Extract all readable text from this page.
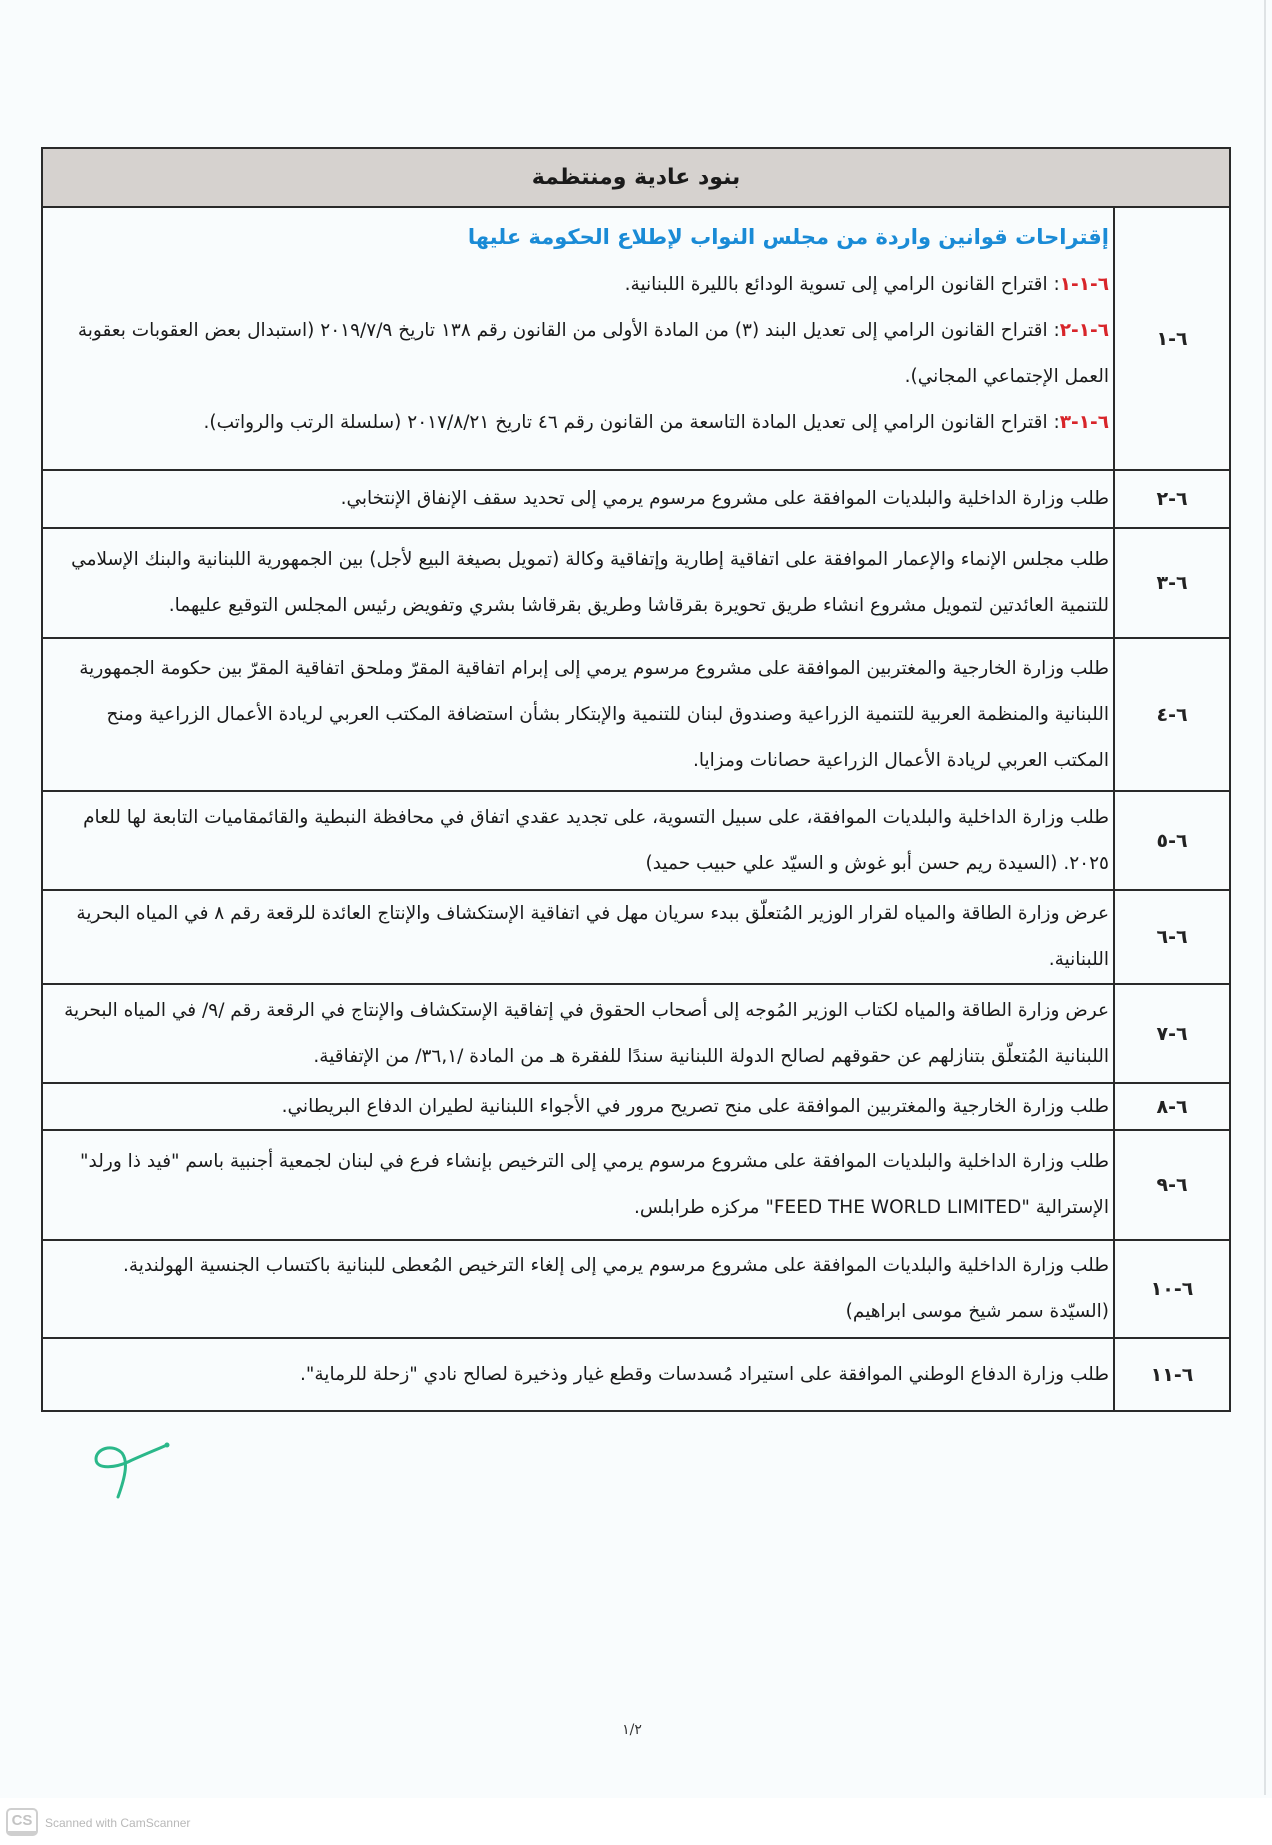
بنود عادية ومنتظمة
٦-١

إقتراحات قوانين واردة من مجلس النواب لإطلاع الحكومة عليها

٦-١-١: اقتراح القانون الرامي إلى تسوية الودائع بالليرة اللبنانية.

٦-١-٢: اقتراح القانون الرامي إلى تعديل البند (٣) من المادة الأولى من القانون رقم ١٣٨ تاريخ ٢٠١٩/٧/٩ (استبدال بعض العقوبات بعقوبة العمل الإجتماعي المجاني).

٦-١-٣: اقتراح القانون الرامي إلى تعديل المادة التاسعة من القانون رقم ٤٦ تاريخ ٢٠١٧/٨/٢١ (سلسلة الرتب والرواتب).

٦-٢
طلب وزارة الداخلية والبلديات الموافقة على مشروع مرسوم يرمي إلى تحديد سقف الإنفاق الإنتخابي.
٦-٣
طلب مجلس الإنماء والإعمار الموافقة على اتفاقية إطارية وإتفاقية وكالة (تمويل بصيغة البيع لأجل) بين الجمهورية اللبنانية والبنك الإسلامي للتنمية العائدتين لتمويل مشروع انشاء طريق تحويرة بقرقاشا وطريق بقرقاشا بشري وتفويض رئيس المجلس التوقيع عليهما.
٦-٤
طلب وزارة الخارجية والمغتربين الموافقة على مشروع مرسوم يرمي إلى إبرام اتفاقية المقرّ وملحق اتفاقية المقرّ بين حكومة الجمهورية اللبنانية والمنظمة العربية للتنمية الزراعية وصندوق لبنان للتنمية والإبتكار بشأن استضافة المكتب العربي لريادة الأعمال الزراعية ومنح المكتب العربي لريادة الأعمال الزراعية حصانات ومزايا.
٦-٥
طلب وزارة الداخلية والبلديات الموافقة، على سبيل التسوية، على تجديد عقدي اتفاق في محافظة النبطية والقائمقاميات التابعة لها للعام ٢٠٢٥. (السيدة ريم حسن أبو غوش و السيّد علي حبيب حميد)
٦-٦
عرض وزارة الطاقة والمياه لقرار الوزير المُتعلّق ببدء سريان مهل في اتفاقية الإستكشاف والإنتاج العائدة للرقعة رقم ٨ في المياه البحرية اللبنانية.
٦-٧
عرض وزارة الطاقة والمياه لكتاب الوزير المُوجه إلى أصحاب الحقوق في إتفاقية الإستكشاف والإنتاج في الرقعة رقم /٩/ في المياه البحرية اللبنانية المُتعلّق بتنازلهم عن حقوقهم لصالح الدولة اللبنانية سندًا للفقرة هـ من المادة /٣٦,١/ من الإتفاقية.
٦-٨
طلب وزارة الخارجية والمغتربين الموافقة على منح تصريح مرور في الأجواء اللبنانية لطيران الدفاع البريطاني.
٦-٩
طلب وزارة الداخلية والبلديات الموافقة على مشروع مرسوم يرمي إلى الترخيص بإنشاء فرع في لبنان لجمعية أجنبية باسم "فيد ذا ورلد" الإسترالية "FEED THE WORLD LIMITED" مركزه طرابلس.
٦-١٠

طلب وزارة الداخلية والبلديات الموافقة على مشروع مرسوم يرمي إلى إلغاء الترخيص المُعطى للبنانية باكتساب الجنسية الهولندية.

(السيّدة سمر شيخ موسى ابراهيم)

٦-١١
طلب وزارة الدفاع الوطني الموافقة على استيراد مُسدسات وقطع غيار وذخيرة لصالح نادي "زحلة للرماية".
١/٢
CS	Scanned with CamScanner
